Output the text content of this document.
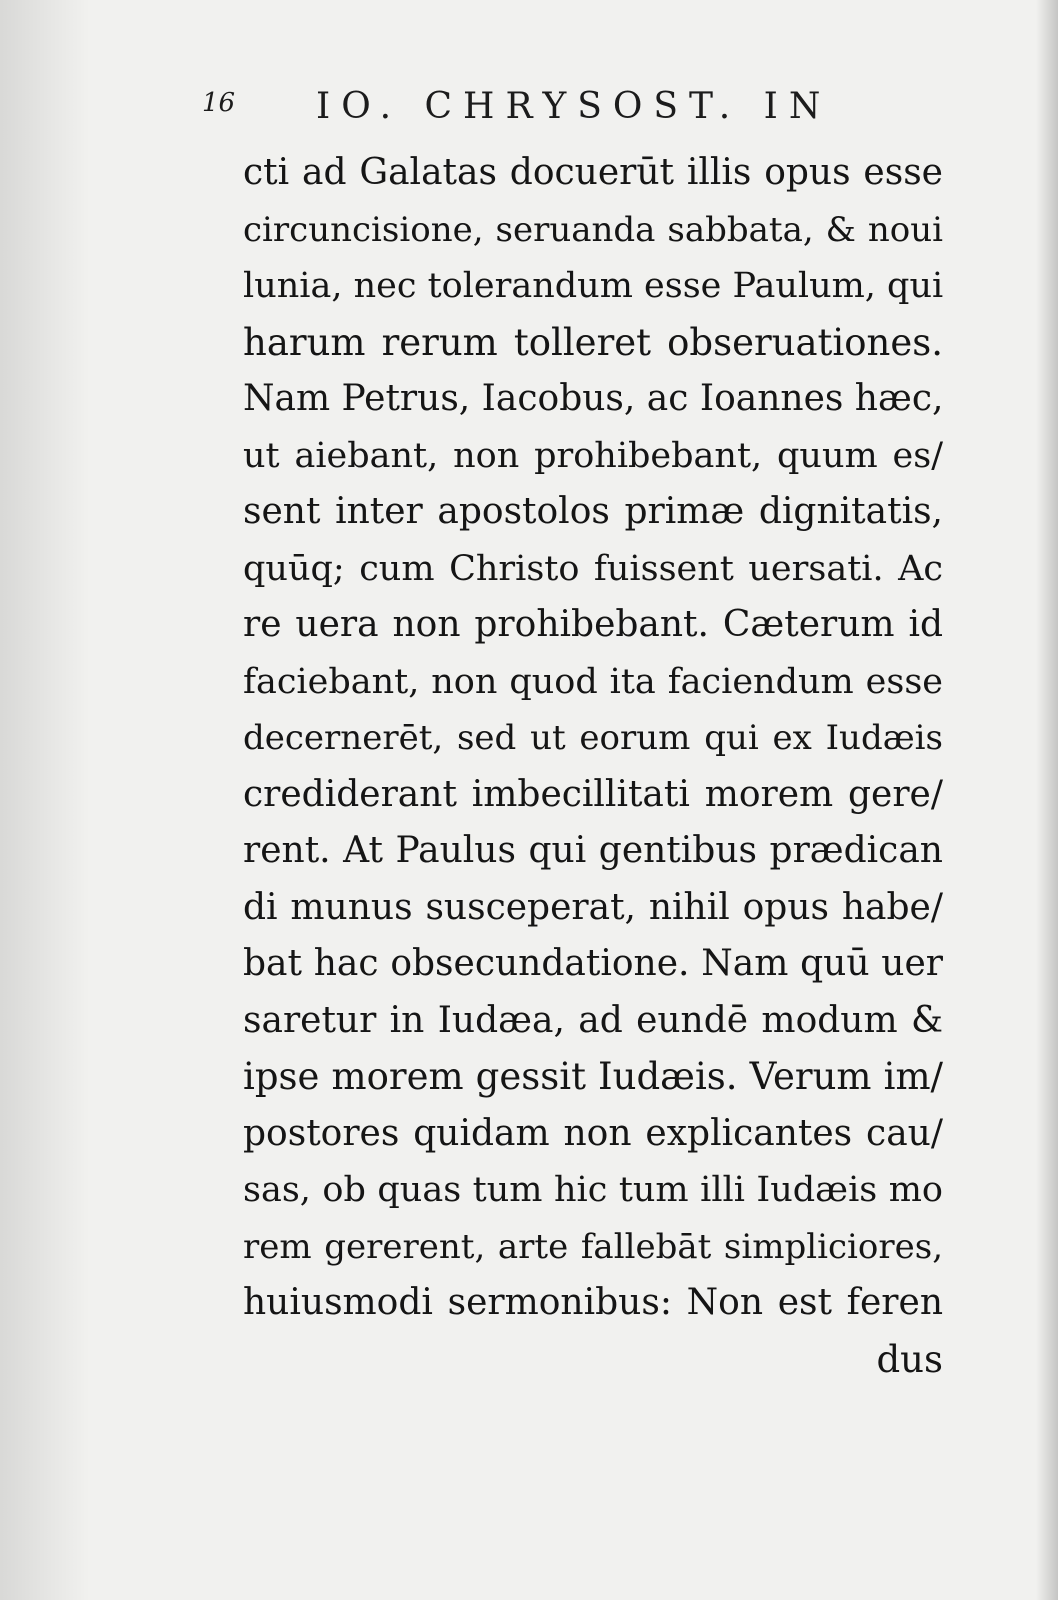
16 IO. CHRYSOST. IN
cti ad Galatas docuerūt illis opus esse
circuncisione, seruanda sabbata, & noui
lunia, nec tolerandum esse Paulum, qui
harum rerum tolleret obseruationes.
Nam Petrus, Iacobus, ac Ioannes hæc,
ut aiebant, non prohibebant, quum es/
sent inter apostolos primæ dignitatis,
quūq; cum Christo fuissent uersati. Ac
re uera non prohibebant. Cæterum id
faciebant, non quod ita faciendum esse
decernerēt, sed ut eorum qui ex Iudæis
crediderant imbecillitati morem gere/
rent. At Paulus qui gentibus prædican
di munus susceperat, nihil opus habe/
bat hac obsecundatione. Nam quū uer
saretur in Iudæa, ad eundē modum &
ipse morem gessit Iudæis. Verum im/
postores quidam non explicantes cau/
sas, ob quas tum hic tum illi Iudæis mo
rem gererent, arte fallebāt simpliciores,
huiusmodi sermonibus: Non est feren
dus
